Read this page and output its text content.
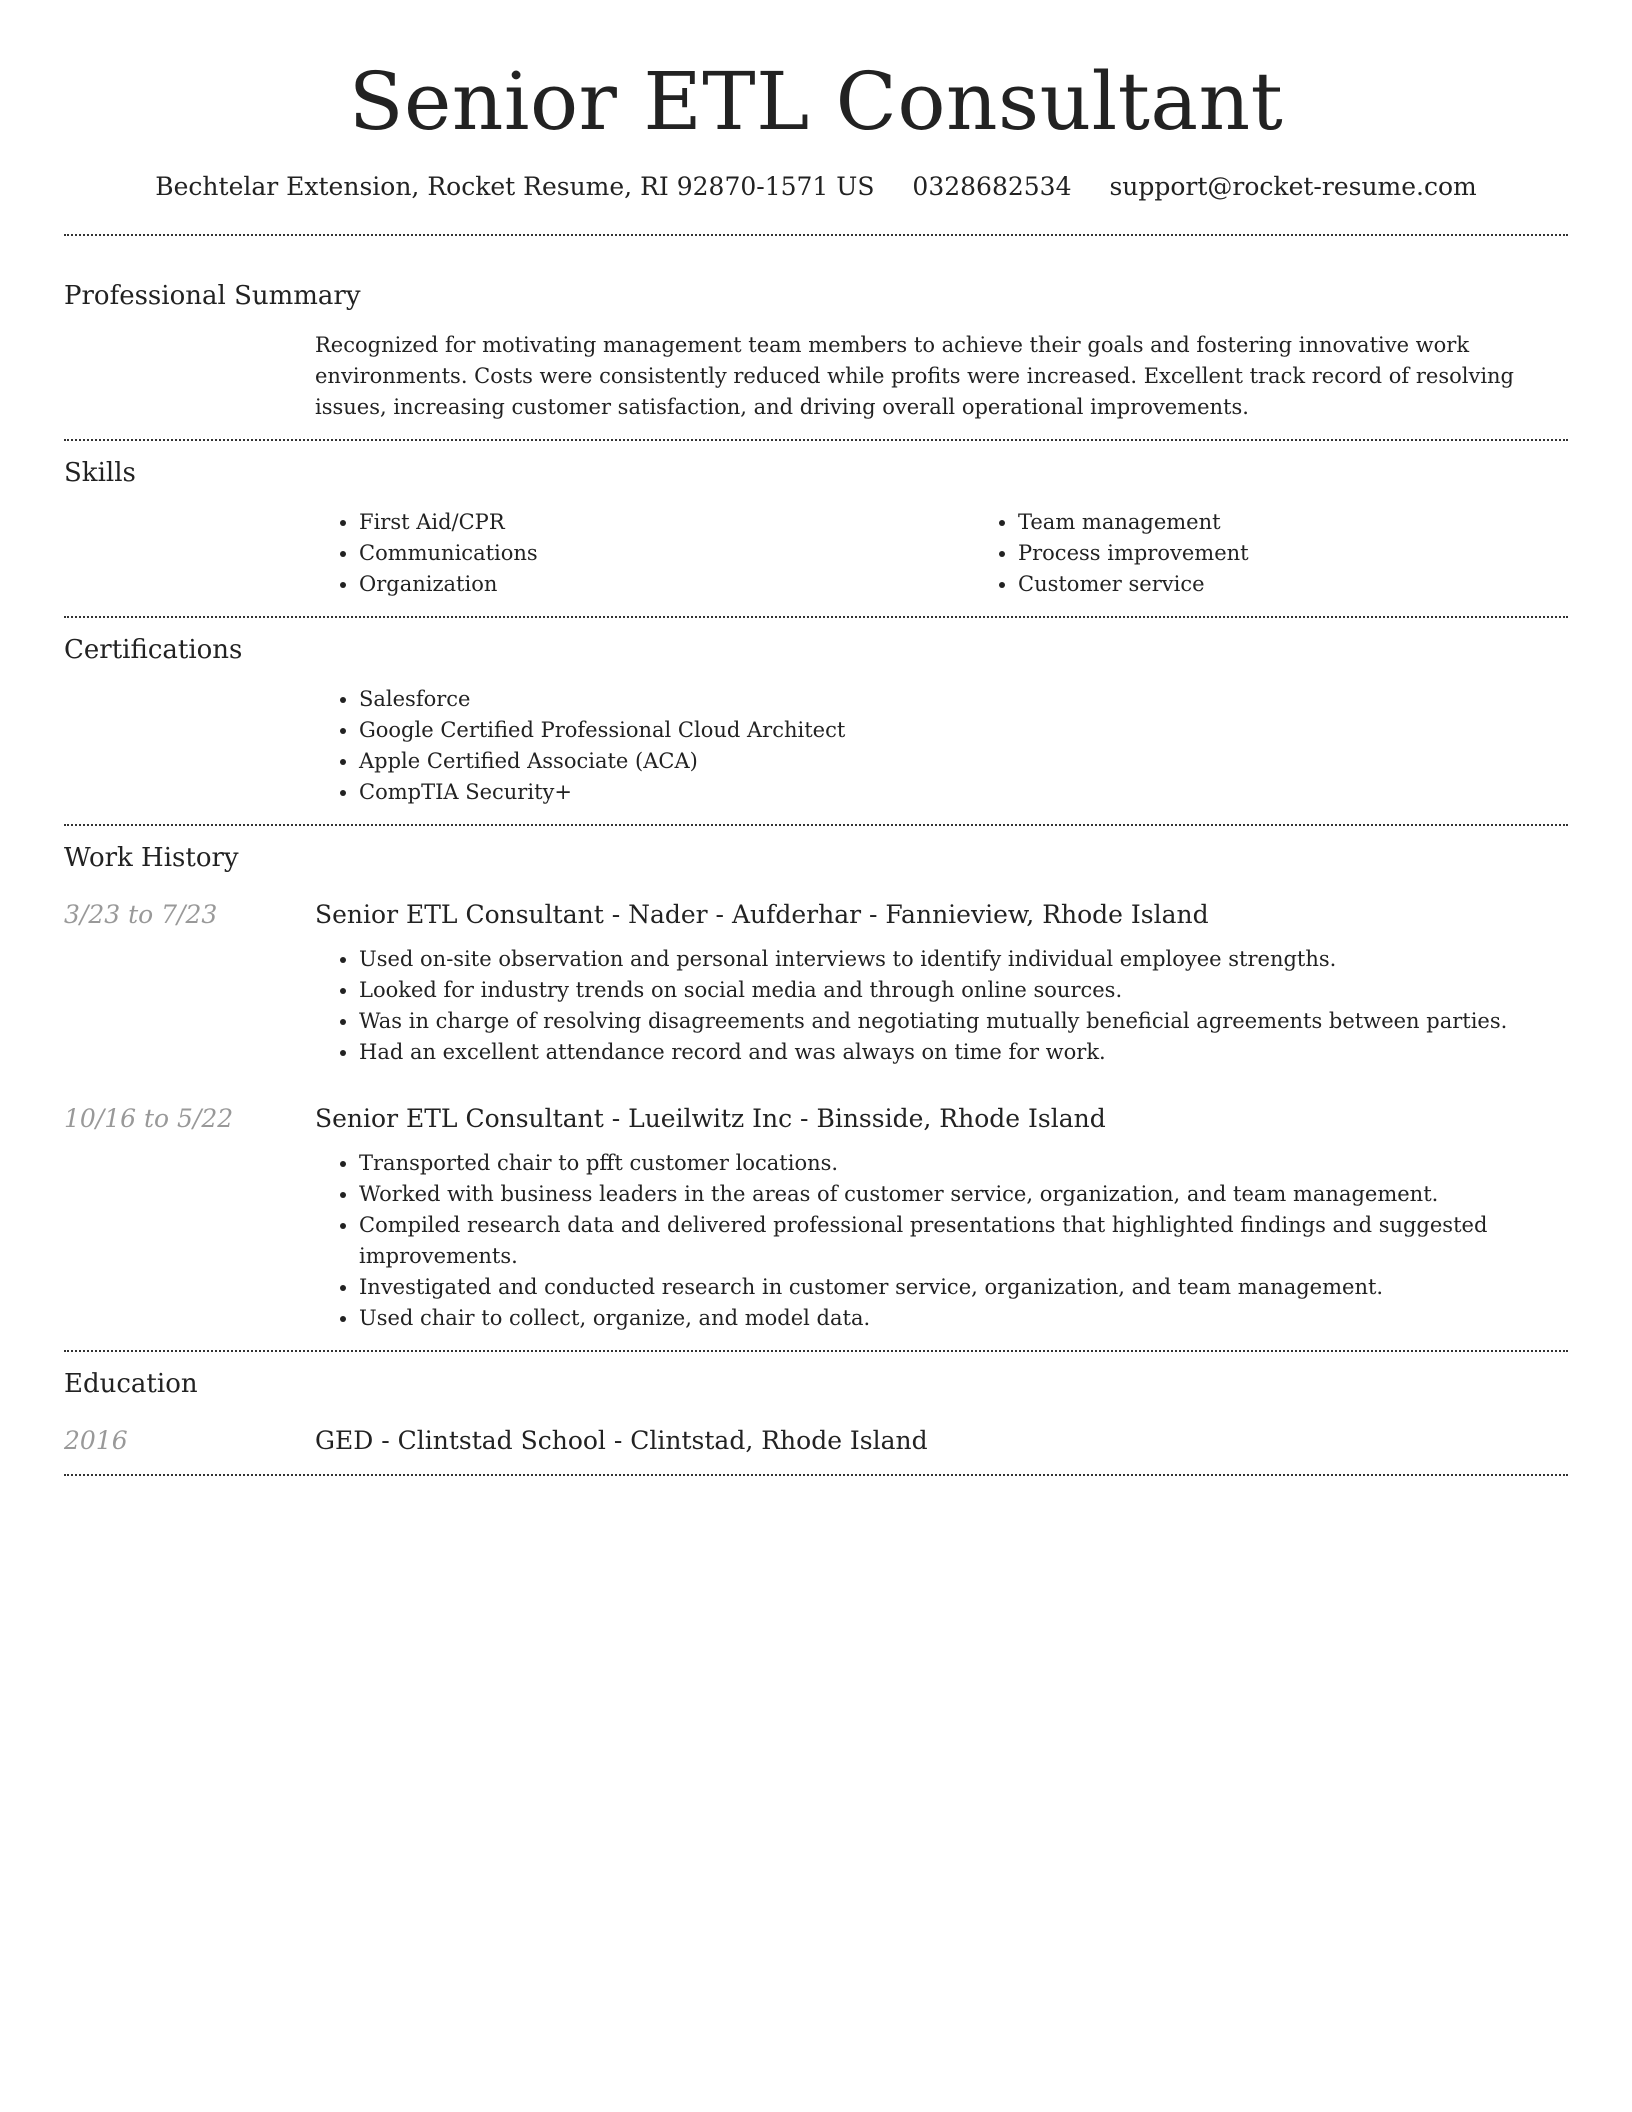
Senior ETL Consultant
Bechtelar Extension, Rocket Resume, RI 92870-1571 US 0328682534 support@rocket-resume.com
Professional Summary
Recognized for motivating management team members to achieve their goals and fostering innovative work environments. Costs were consistently reduced while profits were increased. Excellent track record of resolving issues, increasing customer satisfaction, and driving overall operational improvements.
Skills
• First Aid/CPR
• Communications
• Organization
• Team management
• Process improvement
• Customer service
Certifications
• Salesforce
• Google Certified Professional Cloud Architect
• Apple Certified Associate (ACA)
• CompTIA Security+
Work History
3/23 to 7/23	Senior ETL Consultant - Nader - Aufderhar - Fannieview, Rhode Island
• Used on-site observation and personal interviews to identify individual employee strengths.
• Looked for industry trends on social media and through online sources.
• Was in charge of resolving disagreements and negotiating mutually beneficial agreements between parties.
• Had an excellent attendance record and was always on time for work.
10/16 to 5/22	Senior ETL Consultant - Lueilwitz Inc - Binsside, Rhode Island
• Transported chair to pfft customer locations.
• Worked with business leaders in the areas of customer service, organization, and team management.
• Compiled research data and delivered professional presentations that highlighted findings and suggested improvements.
• Investigated and conducted research in customer service, organization, and team management.
• Used chair to collect, organize, and model data.
Education
2016	GED - Clintstad School - Clintstad, Rhode Island
